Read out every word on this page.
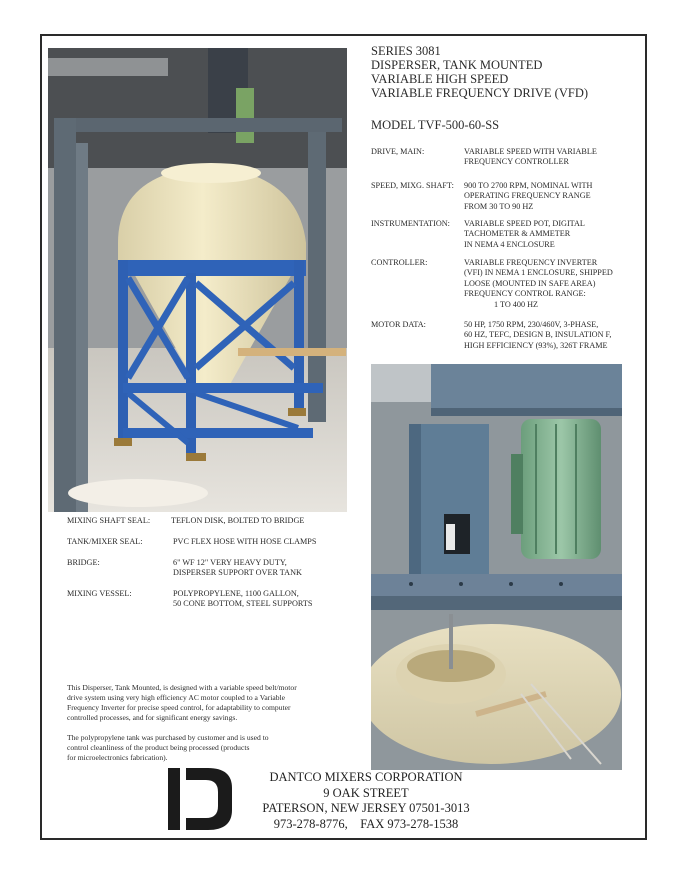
SERIES 3081
DISPERSER, TANK MOUNTED
VARIABLE HIGH SPEED
VARIABLE FREQUENCY DRIVE (VFD)
MODEL TVF-500-60-SS
DRIVE, MAIN:	VARIABLE SPEED WITH VARIABLE
FREQUENCY CONTROLLER
SPEED, MIXG. SHAFT: 900 TO 2700 RPM, NOMINAL WITH
OPERATING FREQUENCY RANGE
FROM 30 TO 90 HZ
INSTRUMENTATION: VARIABLE SPEED POT, DIGITAL
TACHOMETER & AMMETER
IN NEMA 4 ENCLOSURE
CONTROLLER:	VARIABLE FREQUENCY INVERTER
(VFI) IN NEMA 1 ENCLOSURE, SHIPPED
LOOSE (MOUNTED IN SAFE AREA)
FREQUENCY CONTROL RANGE:
1 TO 400 HZ
MOTOR DATA:	50 HP, 1750 RPM, 230/460V, 3-PHASE,
60 HZ, TEFC, DESIGN B, INSULATION F,
HIGH EFFICIENCY (93%), 326T FRAME
MIXING SHAFT SEAL:	TEFLON DISK, BOLTED TO BRIDGE
TANK/MIXER SEAL:	PVC FLEX HOSE WITH HOSE CLAMPS
BRIDGE:	6" WF 12" VERY HEAVY DUTY,
DISPERSER SUPPORT OVER TANK
MIXING VESSEL:	POLYPROPYLENE, 1100 GALLON,
50 CONE BOTTOM, STEEL SUPPORTS
This Disperser, Tank Mounted, is designed with a variable speed belt/motor
drive system using very high efficiency AC motor coupled to a Variable
Frequency Inverter for precise speed control, for adaptability to computer
controlled processes, and for significant energy savings.
The polypropylene tank was purchased by customer and is used to
control cleanliness of the product being processed (products
for microelectronics fabrication).
DANTCO MIXERS CORPORATION
9 OAK STREET
PATERSON, NEW JERSEY 07501-3013
973-278-8776,    FAX 973-278-1538
